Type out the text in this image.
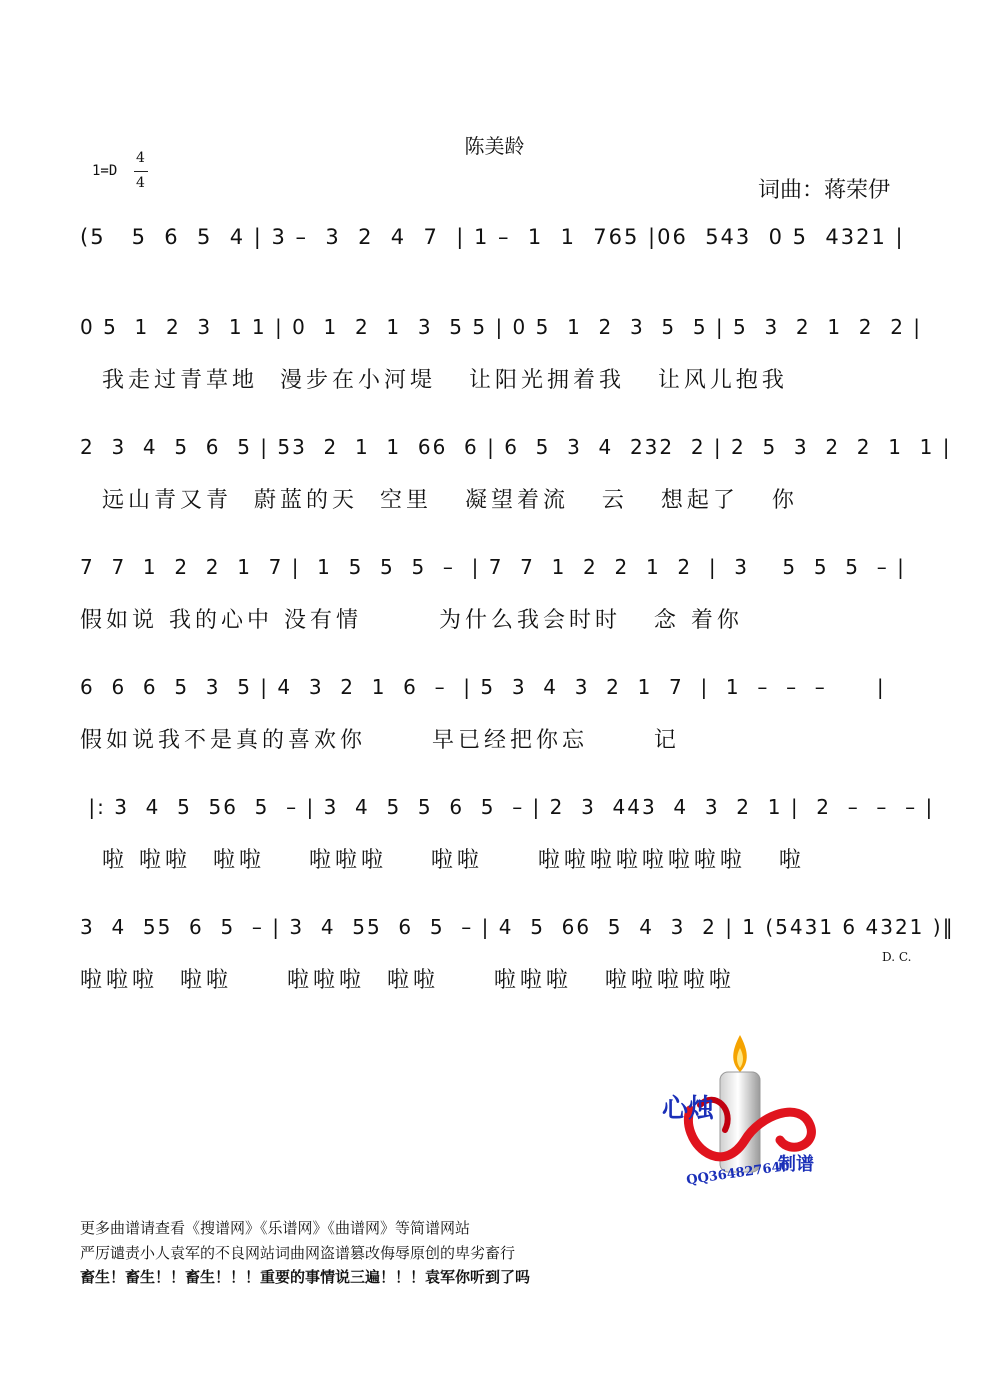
陈美龄
1=D
4
4	词曲：蒋荣伊
(5   5  6  5  4 | 3 –  3  2  4  7  | 1 –  1  1  765 |06  543  0 5  4321 |
0 5  1  2  3  1 1 | 0  1  2  1  3  5 5 | 0 5  1  2  3  5  5 | 5  3  2  1  2  2 |
我走过青草地  漫步在小河堤   让阳光拥着我   让风儿抱我
2  3  4  5  6  5 | 53  2  1  1  66  6 | 6  5  3  4  232  2 | 2  5  3  2  2  1  1 |
远山青又青  蔚蓝的天  空里   凝望着流   云   想起了   你
7  7  1  2  2  1  7 |  1  5  5  5  –  | 7  7  1  2  2  1  2  |  3    5  5  5  – |
假如说 我的心中 没有情       为什么我会时时   念 着你
6  6  6  5  3  5 | 4  3  2  1  6  –  | 5  3  4  3  2  1  7  |  1  –  –  –      |
假如说我不是真的喜欢你      早已经把你忘      记
|: 3  4  5  56  5  – | 3  4  5  5  6  5  – | 2  3  443  4  3  2  1 |  2  –  –  – |
啦 啦啦  啦啦    啦啦啦    啦啦     啦啦啦啦啦啦啦啦   啦
3  4  55  6  5  – | 3  4  55  6  5  – | 4  5  66  5  4  3  2 | 1 (5431 6 4321 )‖
啦啦啦  啦啦     啦啦啦  啦啦     啦啦啦   啦啦啦啦啦
D. C.
心烛
制谱
QQ364827640
更多曲谱请查看《搜谱网》《乐谱网》《曲谱网》等简谱网站
严厉谴责小人袁军的不良网站词曲网盗谱篡改侮辱原创的卑劣畜行
畜生！畜生！！畜生！！！重要的事情说三遍！！！袁军你听到了吗
